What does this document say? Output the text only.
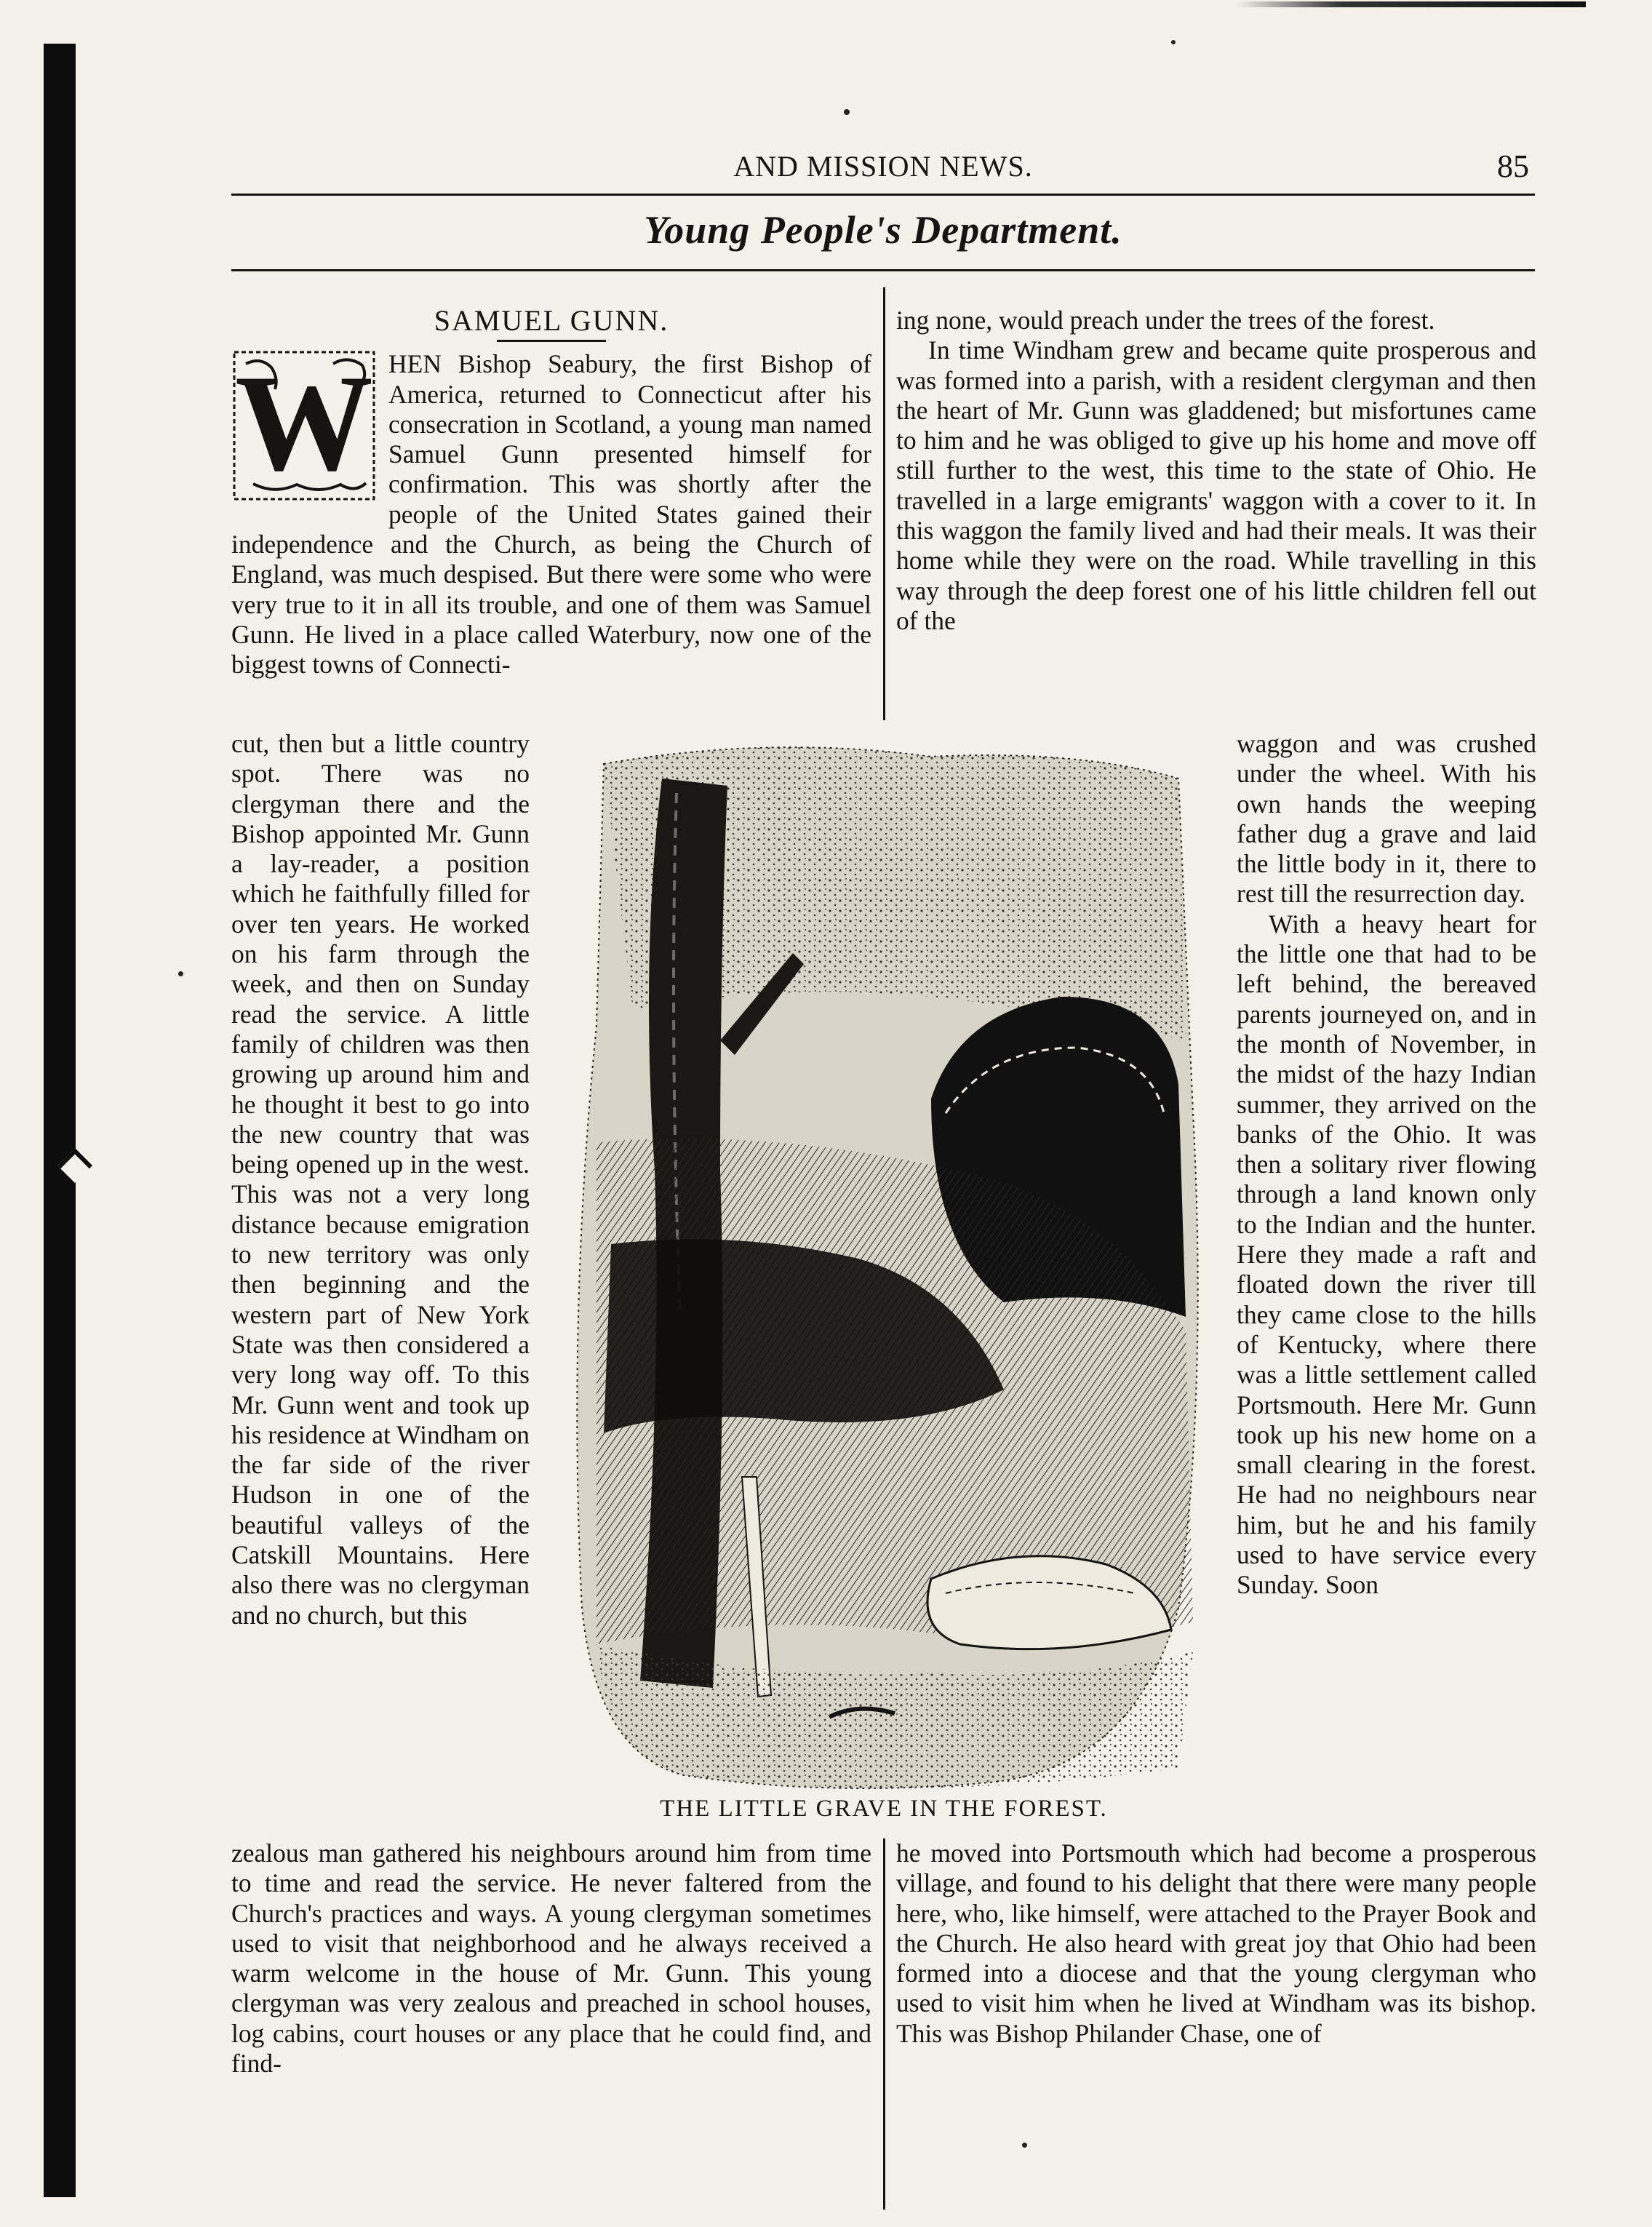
AND MISSION NEWS.	85
Young People's Department.
SAMUEL GUNN.
W HEN Bishop Seabury, the first Bishop of America, returned to Connecticut after his consecration in Scotland, a young man named Samuel Gunn presented himself for confirmation. This was shortly after the people of the United States gained their independence and the Church, as being the Church of England, was much despised. But there were some who were very true to it in all its trouble, and one of them was Samuel Gunn. He lived in a place called Waterbury, now one of the biggest towns of Connecti-

ing none, would preach under the trees of the forest.

In time Windham grew and became quite prosperous and was formed into a parish, with a resident clergyman and then the heart of Mr. Gunn was gladdened; but misfortunes came to him and he was obliged to give up his home and move off still further to the west, this time to the state of Ohio. He travelled in a large emigrants' waggon with a cover to it. In this waggon the family lived and had their meals. It was their home while they were on the road. While travelling in this way through the deep forest one of his little children fell out of the

cut, then but a little country spot. There was no clergyman there and the Bishop appointed Mr. Gunn a lay-reader, a position which he faithfully filled for over ten years. He worked on his farm through the week, and then on Sunday read the service. A little family of children was then growing up around him and he thought it best to go into the new country that was being opened up in the west. This was not a very long distance because emigration to new territory was only then beginning and the western part of New York State was then considered a very long way off. To this Mr. Gunn went and took up his residence at Windham on the far side of the river Hudson in one of the beautiful valleys of the Catskill Mountains. Here also there was no clergyman and no church, but this

waggon and was crushed under the wheel. With his own hands the weeping father dug a grave and laid the little body in it, there to rest till the resurrection day.

With a heavy heart for the little one that had to be left behind, the bereaved parents journeyed on, and in the month of November, in the midst of the hazy Indian summer, they arrived on the banks of the Ohio. It was then a solitary river flowing through a land known only to the Indian and the hunter. Here they made a raft and floated down the river till they came close to the hills of Kentucky, where there was a little settlement called Portsmouth. Here Mr. Gunn took up his new home on a small clearing in the forest. He had no neighbours near him, but he and his family used to have service every Sunday. Soon

THE LITTLE GRAVE IN THE FOREST.

zealous man gathered his neighbours around him from time to time and read the service. He never faltered from the Church's practices and ways. A young clergyman sometimes used to visit that neighborhood and he always received a warm welcome in the house of Mr. Gunn. This young clergyman was very zealous and preached in school houses, log cabins, court houses or any place that he could find, and find-

he moved into Portsmouth which had become a prosperous village, and found to his delight that there were many people here, who, like himself, were attached to the Prayer Book and the Church. He also heard with great joy that Ohio had been formed into a diocese and that the young clergyman who used to visit him when he lived at Windham was its bishop. This was Bishop Philander Chase, one of
